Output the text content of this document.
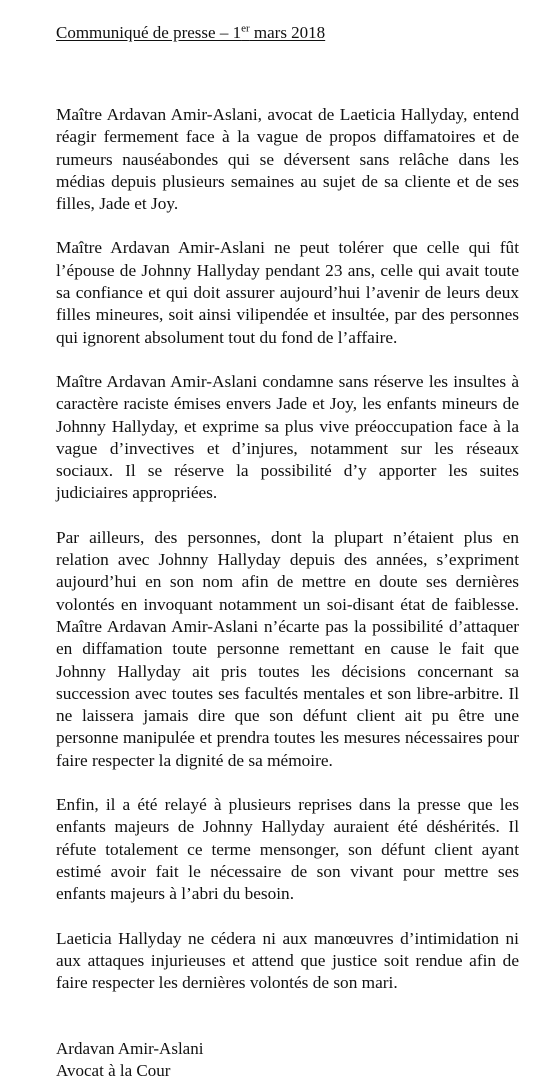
Communiqué de presse – 1er mars 2018

Maître Ardavan Amir-Aslani, avocat de Laeticia Hallyday, entend réagir fermement face à la vague de propos diffamatoires et de rumeurs nauséabondes qui se déversent sans relâche dans les médias depuis plusieurs semaines au sujet de sa cliente et de ses filles, Jade et Joy.

Maître Ardavan Amir-Aslani ne peut tolérer que celle qui fût l’épouse de Johnny Hallyday pendant 23 ans, celle qui avait toute sa confiance et qui doit assurer aujourd’hui l’avenir de leurs deux filles mineures, soit ainsi vilipendée et insultée, par des personnes qui ignorent absolument tout du fond de l’affaire.

Maître Ardavan Amir-Aslani condamne sans réserve les insultes à caractère raciste émises envers Jade et Joy, les enfants mineurs de Johnny Hallyday, et exprime sa plus vive préoccupation face à la vague d’invectives et d’injures, notamment sur les réseaux sociaux. Il se réserve la possibilité d’y apporter les suites judiciaires appropriées.

Par ailleurs, des personnes, dont la plupart n’étaient plus en relation avec Johnny Hallyday depuis des années, s’expriment aujourd’hui en son nom afin de mettre en doute ses dernières volontés en invoquant notamment un soi-disant état de faiblesse. Maître Ardavan Amir-Aslani n’écarte pas la possibilité d’attaquer en diffamation toute personne remettant en cause le fait que Johnny Hallyday ait pris toutes les décisions concernant sa succession avec toutes ses facultés mentales et son libre-arbitre. Il ne laissera jamais dire que son défunt client ait pu être une personne manipulée et prendra toutes les mesures nécessaires pour faire respecter la dignité de sa mémoire.

Enfin, il a été relayé à plusieurs reprises dans la presse que les enfants majeurs de Johnny Hallyday auraient été déshérités. Il réfute totalement ce terme mensonger, son défunt client ayant estimé avoir fait le nécessaire de son vivant pour mettre ses enfants majeurs à l’abri du besoin.

Laeticia Hallyday ne cédera ni aux manœuvres d’intimidation ni aux attaques injurieuses et attend que justice soit rendue afin de faire respecter les dernières volontés de son mari.

Ardavan Amir-Aslani

Avocat à la Cour
